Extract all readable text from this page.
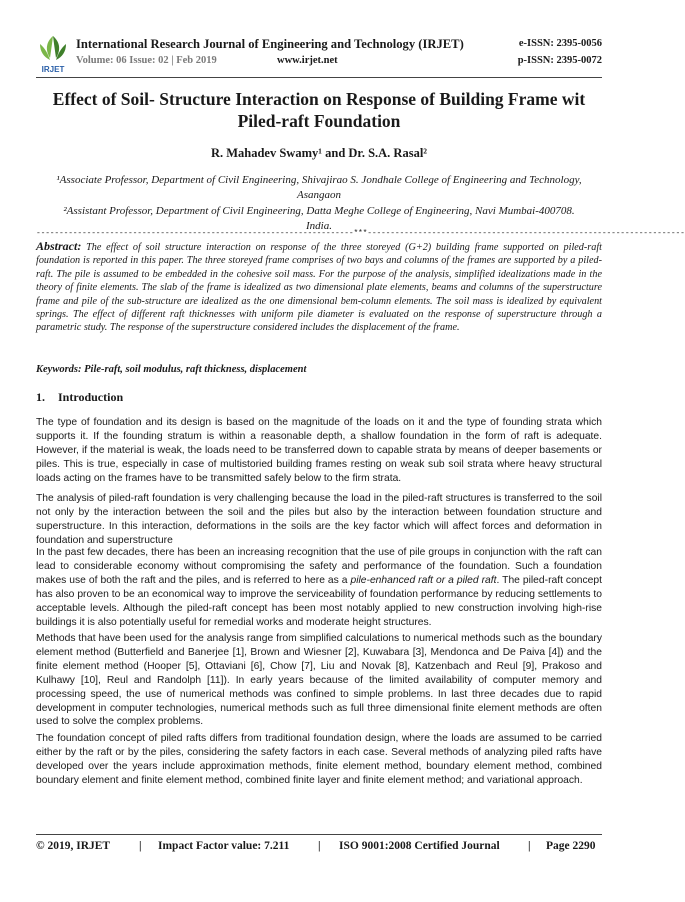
IRJET
International Research Journal of Engineering and Technology (IRJET)
Volume: 06 Issue: 02 | Feb 2019	www.irjet.net
e-ISSN: 2395-0056
p-ISSN: 2395-0072
Effect of Soil- Structure Interaction on Response of Building Frame wit Piled-raft Foundation
R. Mahadev Swamy¹ and Dr. S.A. Rasal²
¹Associate Professor, Department of Civil Engineering, Shivajirao S. Jondhale College of Engineering and Technology, Asangaon
²Assistant Professor, Department of Civil Engineering, Datta Meghe College of Engineering, Navi Mumbai-400708. India.
---------------------------------------------------------------------***---------------------------------------------------------------------
Abstract: The effect of soil structure interaction on response of the three storeyed (G+2) building frame supported on piled-raft foundation is reported in this paper. The three storeyed frame comprises of two bays and columns of the frames are supported by a piled-raft. The pile is assumed to be embedded in the cohesive soil mass. For the purpose of the analysis, simplified idealizations made in the theory of finite elements. The slab of the frame is idealized as two dimensional plate elements, beams and columns of the superstructure frame and pile of the sub-structure are idealized as the one dimensional bem-column elements. The soil mass is idealized by equivalent springs. The effect of different raft thicknesses with uniform pile diameter is evaluated on the response of superstructure through a parametric study. The response of the superstructure considered includes the displacement of the frame.
Keywords: Pile-raft, soil modulus, raft thickness, displacement
1. Introduction
The type of foundation and its design is based on the magnitude of the loads on it and the type of founding strata which supports it. If the founding stratum is within a reasonable depth, a shallow foundation in the form of raft is adequate. However, if the material is weak, the loads need to be transferred down to capable strata by means of deeper basements or piles. This is true, especially in case of multistoried building frames resting on weak sub soil strata where heavy structural loads acting on the frames have to be transmitted safely below to the firm strata.
The analysis of piled-raft foundation is very challenging because the load in the piled-raft structures is transferred to the soil not only by the interaction between the soil and the piles but also by the interaction between foundation structure and superstructure. In this interaction, deformations in the soils are the key factor which will affect forces and deformation in foundation and superstructure
In the past few decades, there has been an increasing recognition that the use of pile groups in conjunction with the raft can lead to considerable economy without compromising the safety and performance of the foundation. Such a foundation makes use of both the raft and the piles, and is referred to here as a pile-enhanced raft or a piled raft. The piled-raft concept has also proven to be an economical way to improve the serviceability of foundation performance by reducing settlements to acceptable levels. Although the piled-raft concept has been most notably applied to new construction involving high-rise buildings it is also potentially useful for remedial works and moderate height structures.
Methods that have been used for the analysis range from simplified calculations to numerical methods such as the boundary element method (Butterfield and Banerjee [1], Brown and Wiesner [2], Kuwabara [3], Mendonca and De Paiva [4]) and the finite element method (Hooper [5], Ottaviani [6], Chow [7], Liu and Novak [8], Katzenbach and Reul [9], Prakoso and Kulhawy [10], Reul and Randolph [11]). In early years because of the limited availability of computer memory and processing speed, the use of numerical methods was confined to simple problems. In last three decades due to rapid development in computer technologies, numerical methods such as full three dimensional finite element methods are often used to solve the complex problems.
The foundation concept of piled rafts differs from traditional foundation design, where the loads are assumed to be carried either by the raft or by the piles, considering the safety factors in each case. Several methods of analyzing piled rafts have developed over the years include approximation methods, finite element method, boundary element method, combined boundary element and finite element method, combined finite layer and finite element method; and variational approach.
© 2019, IRJET	| Impact Factor value: 7.211 | ISO 9001:2008 Certified Journal | Page 2290
